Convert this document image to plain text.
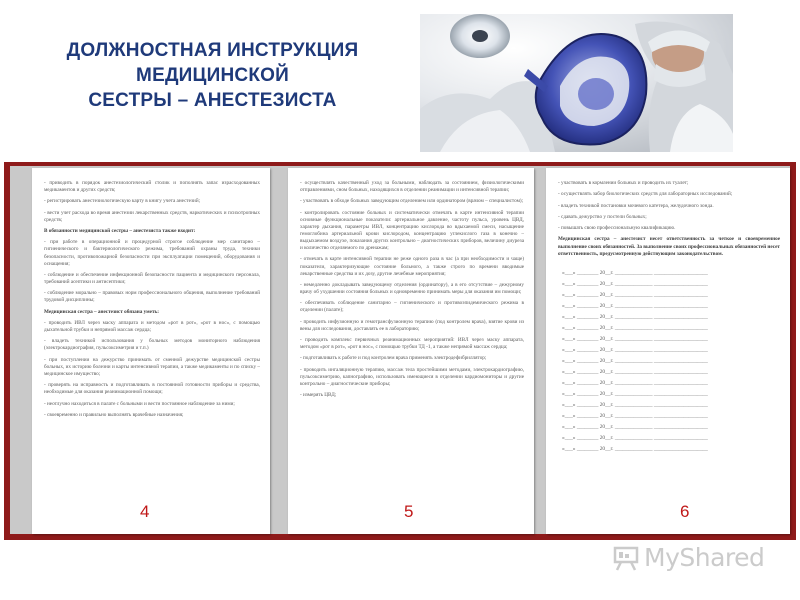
ДОЛЖНОСТНАЯ ИНСТРУКЦИЯ
МЕДИЦИНСКОЙ
СЕСТРЫ – АНЕСТЕЗИСТА

- приводить в порядок анестезиологический столик и пополнять запас израсходованных медикаментов и других средств;

- регистрировать анестезиологическую карту в книгу учета анестезий;

- вести учет расхода во время анестезии лекарственных средств, наркотических и психотропных средств;

В обязанности медицинской сестры – анестезиста также входит:

- при работе в операционной и процедурной строгое соблюдение мер санитарно – гигиенического и бактериологического режима, требований охраны труда, техники безопасности, противопожарной безопасности при эксплуатации помещений, оборудования и оснащения;

- соблюдение и обеспечение инфекционной безопасности пациента и медицинского персонала, требований асептики и антисептики;

- соблюдение морально – правовых норм профессионального общения, выполнение требований трудовой дисциплины;

Медицинская сестра – анестезист обязана уметь:

- проводить ИВЛ через маску аппарата и методом «рот в рот», «рот в нос», с помощью дыхательной трубки и непрямой массаж сердца;

- владеть техникой использования у больных методов мониторного наблюдения (электрокардиография, пульсоксиметрия и т.п.)

- при поступлении на дежурство принимать от сменной дежурстве медицинской сестры больных, их историю болезни и карты интенсивной терапии, а также медикаменты и по списку – медицинское имущество;

- проверять на исправность и подготавливать в постоянной готовности приборы и средства, необходимые для оказания реанимационной помощи;

- неотлучно находиться в палате с больными и вести постоянное наблюдение за ними;

- своевременно и правильно выполнять врачебные назначения;

4

- осуществлять качественный уход за больными, наблюдать за состоянием, физиологическими отправлениями, сном больных, находящихся в отделении реанимации и интенсивной терапии;

- участвовать в обходе больных заведующим отделением или ординатором (врачом – специалистом);

- контролировать состояние больных и систематически отмечать в карте интенсивной терапии основные функциональные показатели: артериальное давление, частоту пульса, уровень ЦВД, характер дыхания, параметры ИВЛ, концентрацию кислорода во вдыхаемой смеси, насыщение гемоглобина артериальной крови кислородом, концентрацию углекислого газа в конечно – выдыхаемом воздухе, показания других контрольно – диагностических приборов, величину диуреза и количество отделяемого по дренажам;

- отмечать в карте интенсивной терапии не реже одного раза в час (а при необходимости и чаще) показатели, характеризующие состояние больного, а также строго по времени вводимые лекарственные средства и их дозу, другие лечебные мероприятия;

- немедленно докладывать заведующему отделения (ординатору), а в его отсутствие – дежурному врачу об ухудшении состояния больных и одновременно принимать меры для оказания им помощи;

- обеспечивать соблюдение санитарно – гигиенического и противоэпидемического режима в отделении (палате);

- проводить инфузионную и гемотрансфузионную терапию (под контролем врача), взятие крови из вены для исследования, доставлять ее в лабораторию;

- проводить комплекс первичных реанимационных мероприятий: ИВЛ через маску аппарата, методом «рот в рот», «рот в нос», с помощью трубки ТД -1, а также непрямой массаж сердца;

- подготавливать к работе и под контролем врача применять электродефибриллятор;

- проводить ингаляционную терапию, массаж тела простейшими методами, электрокардиографию, пульсоксиметрию, капнографию, использовать имеющиеся в отделении кардиомониторы и другие контрольно – диагностические приборы;

- измерять ЦВД;

5

- участвовать в кормлении больных и проводить их туалет;

- осуществлять забор биологических средств для лабораторных исследований;

- владеть техникой постановки мочевого катетера, желудочного зонда.

- сдавать дежурство у постели больных;

- повышать свою профессиональную квалификацию.

Медицинская сестра – анестезист несет ответственность за четкое и своевременное выполнение своих обязанностей. За выполнение своих профессиональных обязанностей несет ответственность, предусмотренную действующим законодательством.

«___» ________ 20__г. ______________ ____________________
«___» ________ 20__г. ______________ ____________________
«___» ________ 20__г. ______________ ____________________
«___» ________ 20__г. ______________ ____________________
«___» ________ 20__г. ______________ ____________________
«___» ________ 20__г. ______________ ____________________
«___» ________ 20__г. ______________ ____________________
«___» ________ 20__г. ______________ ____________________
«___» ________ 20__г. ______________ ____________________
«___» ________ 20__г. ______________ ____________________
«___» ________ 20__г. ______________ ____________________
«___» ________ 20__г. ______________ ____________________
«___» ________ 20__г. ______________ ____________________
«___» ________ 20__г. ______________ ____________________
«___» ________ 20__г. ______________ ____________________
«___» ________ 20__г. ______________ ____________________
«___» ________ 20__г. ______________ ____________________
6
MyShared
